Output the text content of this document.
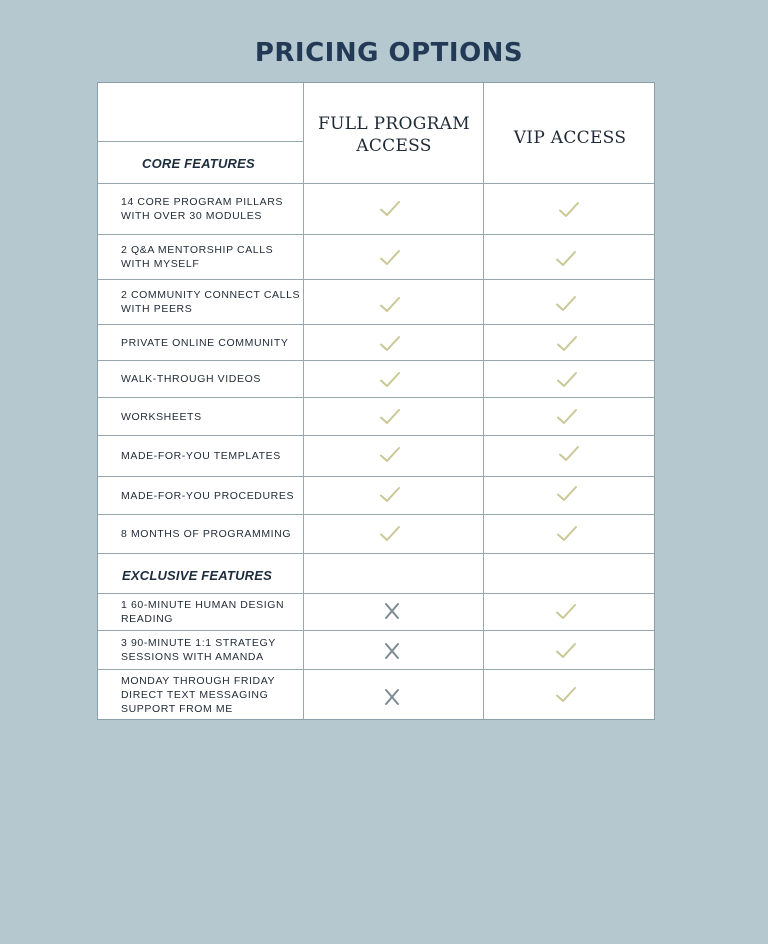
PRICING OPTIONS
FULL PROGRAM ACCESS	VIP ACCESS
CORE FEATURES
EXCLUSIVE FEATURES
14 CORE PROGRAM PILLARS WITH OVER 30 MODULES
2 Q&A MENTORSHIP CALLS WITH MYSELF
2 COMMUNITY CONNECT CALLS WITH PEERS
PRIVATE ONLINE COMMUNITY
WALK-THROUGH VIDEOS
WORKSHEETS
MADE-FOR-YOU TEMPLATES
MADE-FOR-YOU PROCEDURES
8 MONTHS OF PROGRAMMING
1 60-MINUTE HUMAN DESIGN READING
3 90-MINUTE 1:1 STRATEGY SESSIONS WITH AMANDA
MONDAY THROUGH FRIDAY DIRECT TEXT MESSAGING SUPPORT FROM ME
